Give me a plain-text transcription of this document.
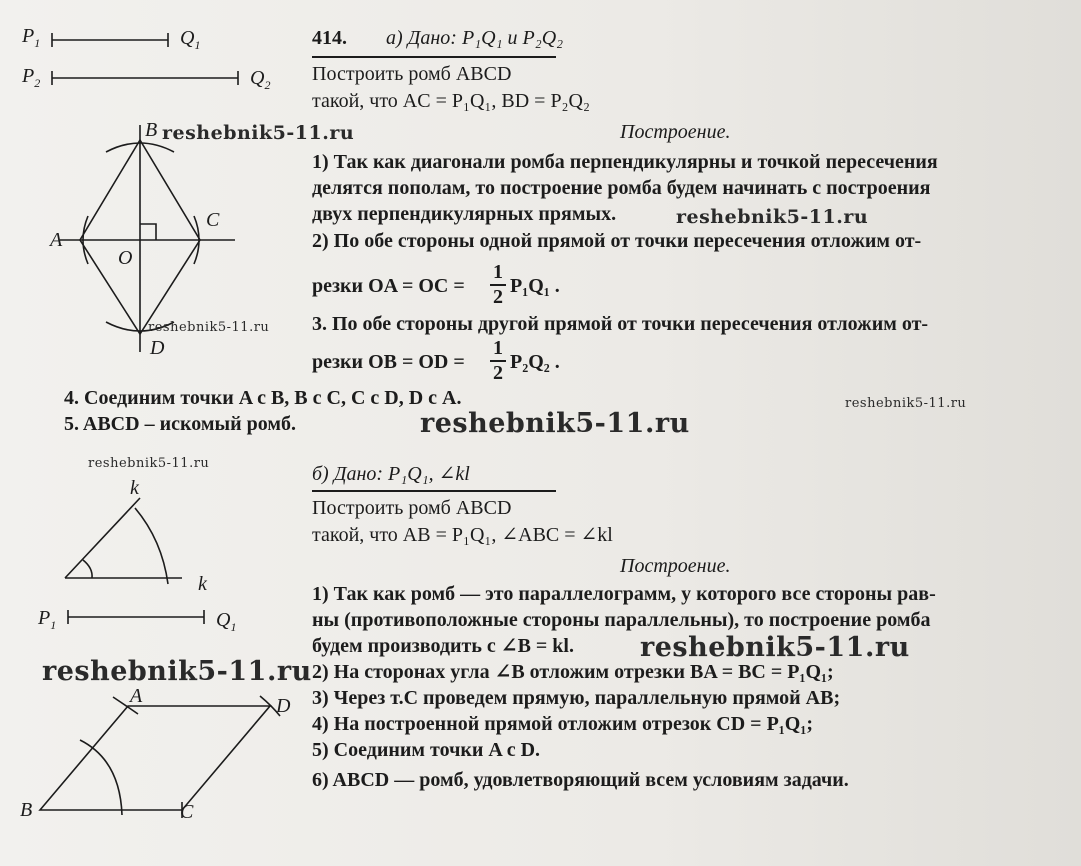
$P_1$	$Q_1$
$P_2$	$Q_2$
B
A
C
O
D
k
k
$P_1$	$Q_1$
A	D
B	C
414. а) Дано: P₁Q₁ и P₂Q₂
Построить ромб ABCD
такой, что AC = P₁Q₁, BD = P₂Q₂
Построение.
1) Так как диагонали ромба перпендикулярны и точкой пересечения
делятся пополам, то построение ромба будем начинать с построения
двух перпендикулярных прямых.
2) По обе стороны одной прямой от точки пересечения отложим от-
резки OA = OC =
1
2 P₁Q₁ .
3. По обе стороны другой прямой от точки пересечения отложим от-
резки OB = OD =
1
2 P₂Q₂ .
4. Соединим точки A с B, B с C, C с D, D с A.
5. ABCD – искомый ромб.
б) Дано: P₁Q₁, ∠kl
Построить ромб ABCD
такой, что AB = P₁Q₁, ∠ABC = ∠kl
Построение.
1) Так как ромб — это параллелограмм, у которого все стороны рав-
ны (противоположные стороны параллельны), то построение ромба
будем производить с ∠B = kl.
2) На сторонах угла ∠B отложим отрезки BA = BC = P₁Q₁;
3) Через т.C проведем прямую, параллельную прямой AB;
4) На построенной прямой отложим отрезок CD = P₁Q₁;
5) Соединим точки A с D.
6) ABCD — ромб, удовлетворяющий всем условиям задачи.
reshebnik5-11.ru
reshebnik5-11.ru
reshebnik5-11.ru
reshebnik5-11.ru
reshebnik5-11.ru
reshebnik5-11.ru
reshebnik5-11.ru
reshebnik5-11.ru
